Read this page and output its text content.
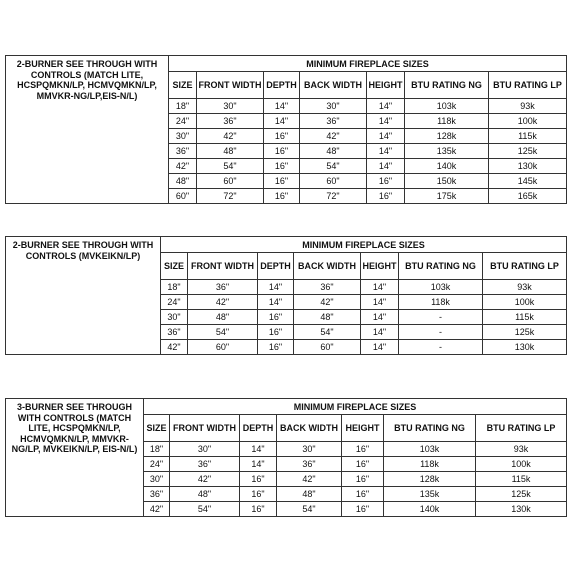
2-BURNER SEE THROUGH WITH CONTROLS (MATCH LITE, HCSPQMKN/LP, HCMVQMKN/LP, MMVKR-NG/LP,EIS-N/L)	MINIMUM FIREPLACE SIZES						
	SIZE	FRONT WIDTH	DEPTH	BACK WIDTH	HEIGHT	BTU RATING NG	BTU RATING LP
	18"	30"	14"	30"	14"	103k	93k
	24"	36"	14"	36"	14"	118k	100k
	30"	42"	16"	42"	14"	128k	115k
	36"	48"	16"	48"	14"	135k	125k
	42"	54"	16"	54"	14"	140k	130k
	48"	60"	16"	60"	16"	150k	145k
	60"	72"	16"	72"	16"	175k	165k
2-BURNER SEE THROUGH WITH CONTROLS (MVKEIKN/LP)	MINIMUM FIREPLACE SIZES						
	SIZE	FRONT WIDTH	DEPTH	BACK WIDTH	HEIGHT	BTU RATING NG	BTU RATING LP
	18"	36"	14"	36"	14"	103k	93k
	24"	42"	14"	42"	14"	118k	100k
	30"	48"	16"	48"	14"	-	115k
	36"	54"	16"	54"	14"	-	125k
	42"	60"	16"	60"	14"	-	130k
3-BURNER SEE THROUGH WITH CONTROLS (MATCH LITE, HCSPQMKN/LP, HCMVQMKN/LP, MMVKR-NG/LP, MVKEIKN/LP, EIS-N/L)	MINIMUM FIREPLACE SIZES						
	SIZE	FRONT WIDTH	DEPTH	BACK WIDTH	HEIGHT	BTU RATING NG	BTU RATING LP
	18"	30"	14"	30"	16"	103k	93k
	24"	36"	14"	36"	16"	118k	100k
	30"	42"	16"	42"	16"	128k	115k
	36"	48"	16"	48"	16"	135k	125k
	42"	54"	16"	54"	16"	140k	130k
